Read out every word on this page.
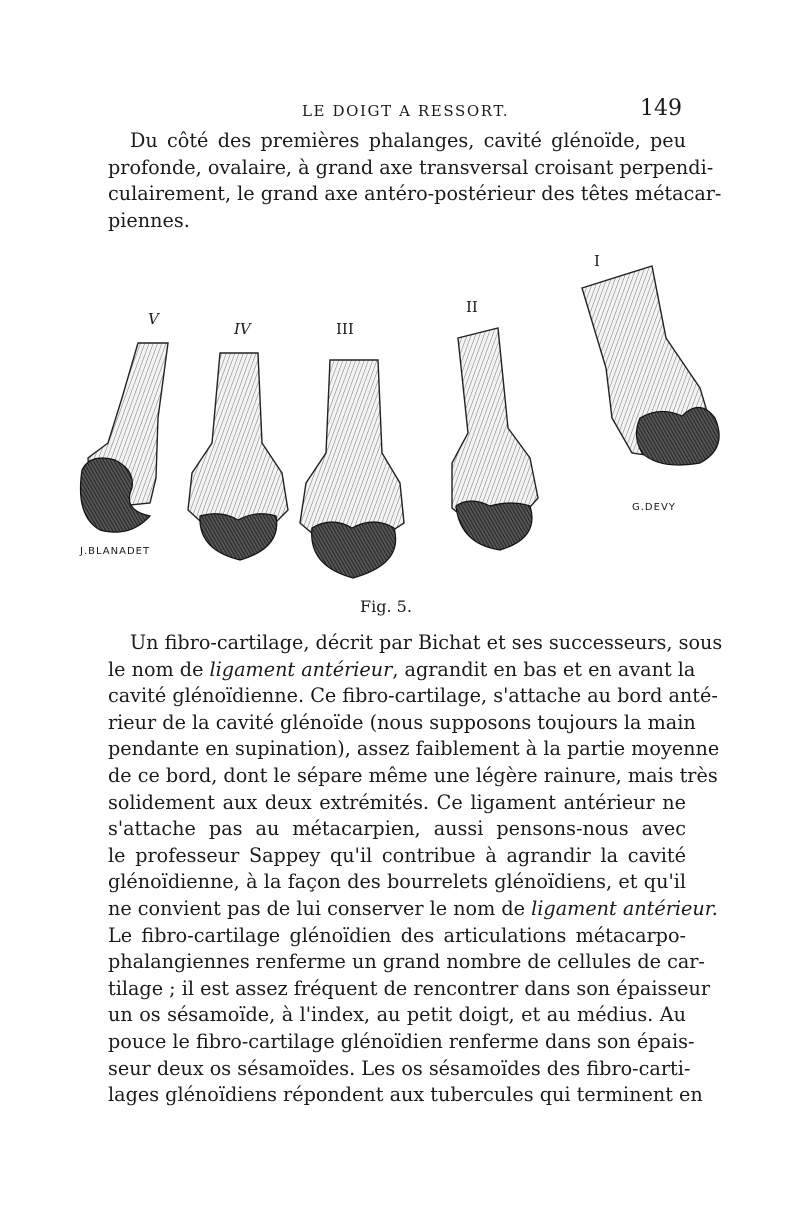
LE DOIGT A RESSORT.	149

Du côté des premières phalanges, cavité glénoïde, peu
profonde, ovalaire, à grand axe transversal croisant perpendi-
culairement, le grand axe antéro-postérieur des têtes métacar-
piennes.

V
IV	III
II
I
J.BLANADET
G.DEVY
Fig. 5.

Un fibro-cartilage, décrit par Bichat et ses successeurs, sous
le nom de ligament antérieur, agrandit en bas et en avant la
cavité glénoïdienne. Ce fibro-cartilage, s'attache au bord anté-
rieur de la cavité glénoïde (nous supposons toujours la main
pendante en supination), assez faiblement à la partie moyenne
de ce bord, dont le sépare même une légère rainure, mais très
solidement aux deux extrémités. Ce ligament antérieur ne
s'attache pas au métacarpien, aussi pensons-nous avec
le professeur Sappey qu'il contribue à agrandir la cavité
glénoïdienne, à la façon des bourrelets glénoïdiens, et qu'il
ne convient pas de lui conserver le nom de ligament antérieur.
Le fibro-cartilage glénoïdien des articulations métacarpo-
phalangiennes renferme un grand nombre de cellules de car-
tilage ; il est assez fréquent de rencontrer dans son épaisseur
un os sésamoïde, à l'index, au petit doigt, et au médius. Au
pouce le fibro-cartilage glénoïdien renferme dans son épais-
seur deux os sésamoïdes. Les os sésamoïdes des fibro-carti-
lages glénoïdiens répondent aux tubercules qui terminent en
